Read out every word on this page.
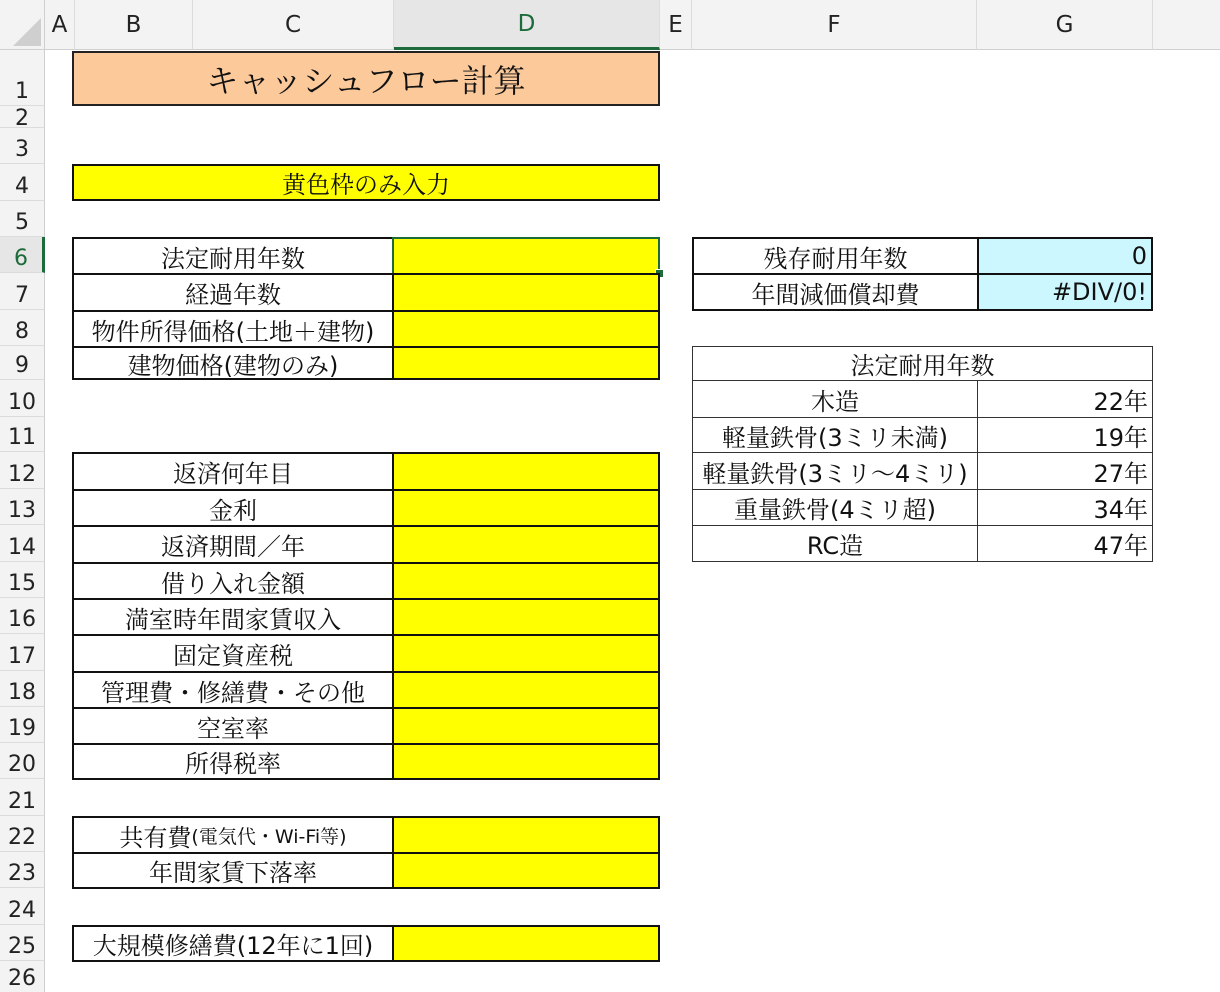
A	B	C	D	E	F	G
1
2
3
4
5
6
7
8
9
10
11
12
13
14
15
16
17
18
19
20
21
22
23
24
25
26
キャッシュフロー計算
黄色枠のみ入力
法定耐用年数
経過年数
物件所得価格(土地＋建物)
建物価格(建物のみ)
返済何年目
金利
返済期間／年
借り入れ金額
満室時年間家賃収入
固定資産税
管理費・修繕費・その他
空室率
所得税率
共有費 (電気代・Wi-Fi等)
年間家賃下落率
大規模修繕費(12年に1回)
残存耐用年数	0
年間減価償却費	#DIV/0!
法定耐用年数
木造	22年
軽量鉄骨(3ミリ未満)	19年
軽量鉄骨(3ミリ〜4ミリ)	27年
重量鉄骨(4ミリ超)	34年
RC造	47年
